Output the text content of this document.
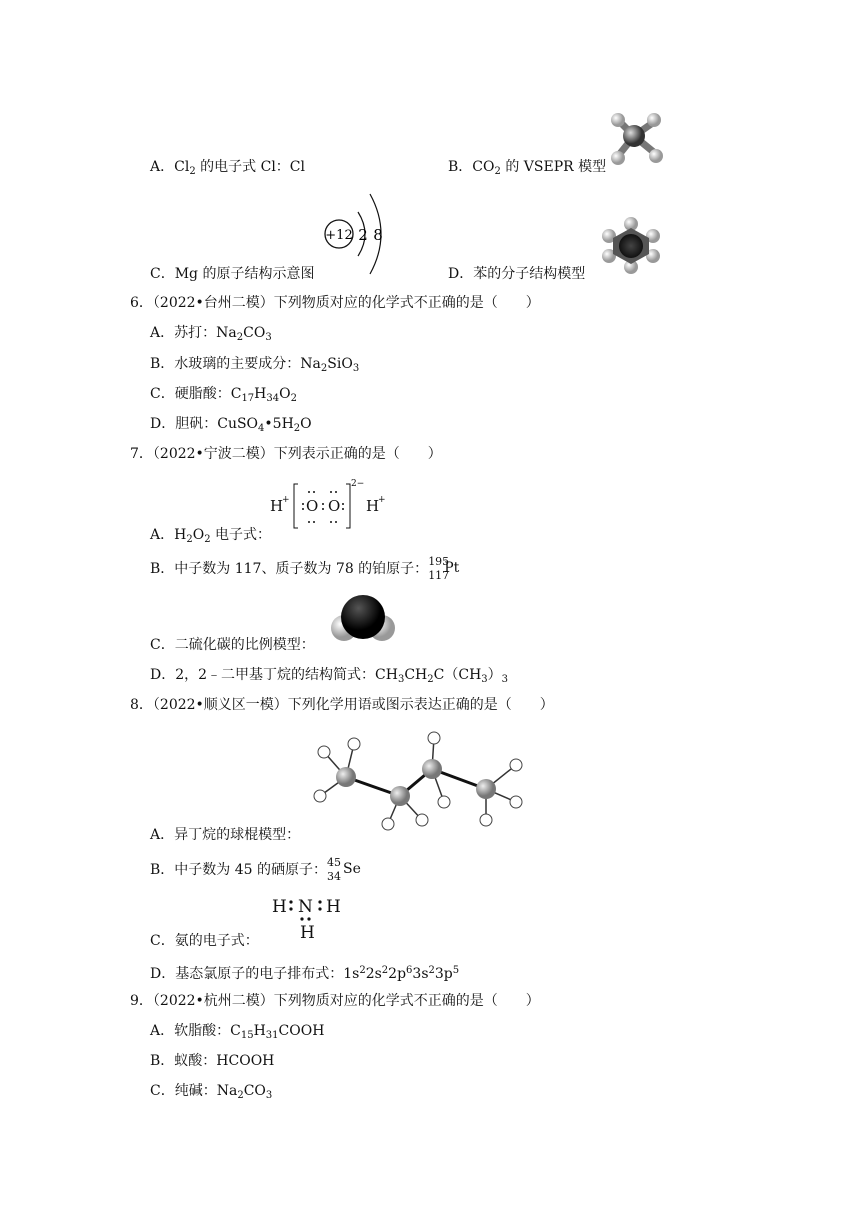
A．$Cl_2$ 的电子式 Cl：Cl	B．$CO_2$ 的 VSEPR 模型
+12 2 8
C．Mg 的原子结构示意图	D．苯的分子结构模型
6．（2022•台州二模）下列物质对应的化学式不正确的是（　　）
A．苏打：$Na_2CO_3$
B．水玻璃的主要成分：$Na_2SiO_3$
C．硬脂酸：$C_{17}H_{34}O_2$
D．胆矾：$CuSO_4•5H_2O$
7．（2022•宁波二模）下列表示正确的是（　　）
H
+ O O H
+
2−
A．$H_2O_2$ 电子式：
B．中子数为 117、质子数为 78 的铂原子： 195
117
Pt
C．二硫化碳的比例模型：
D．2，2﹣二甲基丁烷的结构简式：$CH_3CH_2C(CH_3)_3$
8．（2022•顺义区一模）下列化学用语或图示表达正确的是（　　）
A．异丁烷的球棍模型：
B．中子数为 45 的硒原子： 45
34 Se
H N H
H
C．氨的电子式：
D．基态氯原子的电子排布式：$1s^22s^22p^63s^23p^5$
9．（2022•杭州二模）下列物质对应的化学式不正确的是（　　）
A．软脂酸：$C_{15}H_{31}COOH$
B．蚁酸：HCOOH
C．纯碱：$Na_2CO_3$
